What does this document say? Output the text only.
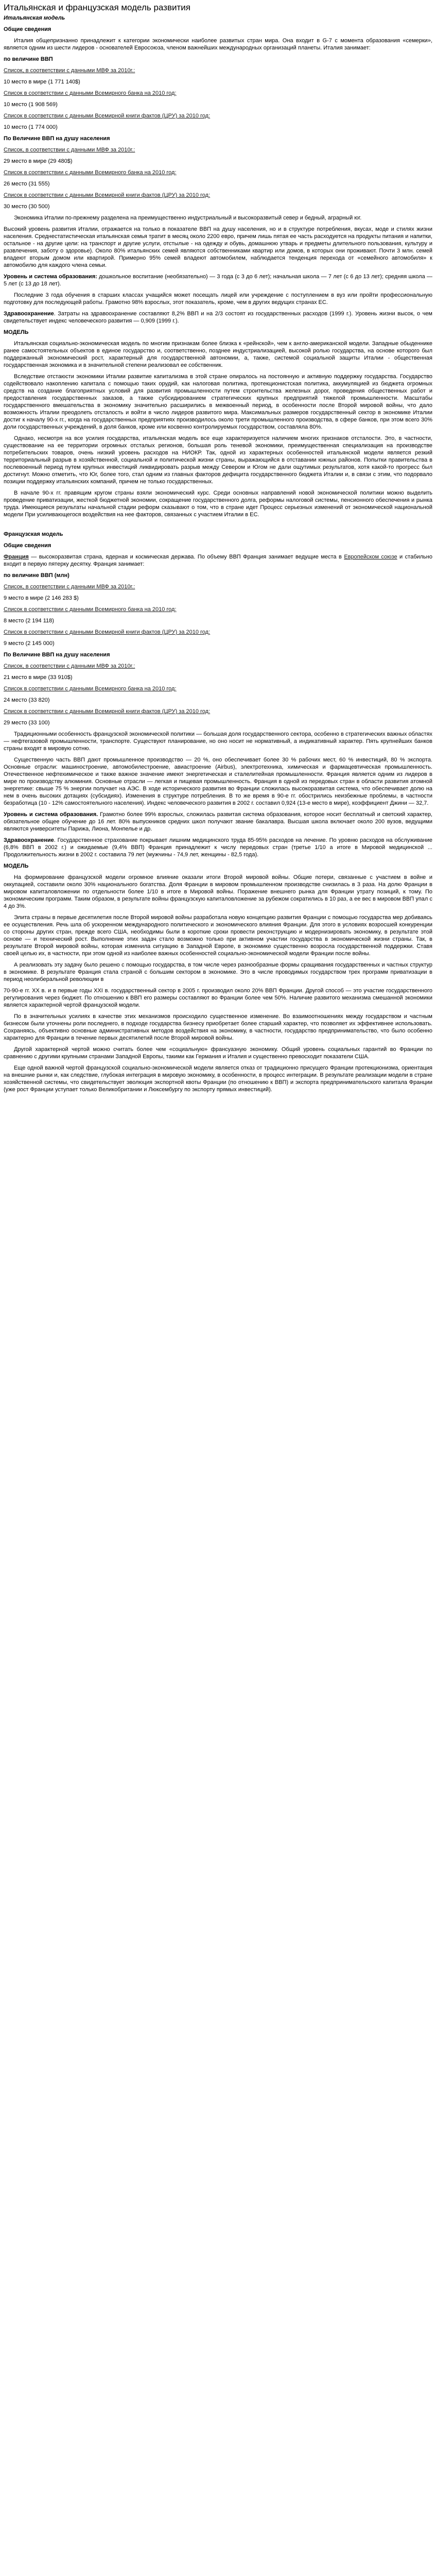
Итальянская и французская модель развития
Итальянская модель
Общие сведения

Италия общепризнанно принадлежит к категории экономически наиболее развитых стран мира. Она входит в G-7 с момента образования «семерки», является одним из шести лидеров - основателей Евросоюза, членом важнейших международных организаций планеты. Италия занимает:

по величине ВВП
Список, в соответствии с данными МВФ за 2010г.:
10 место в мире (1 771 140$)
Список в соответствии с данными Всемирного банка на 2010 год:
10 место (1 908 569)
Список в соответствии с данными Всемирной книги фактов (ЦРУ) за 2010 год:
10 место (1 774 000)
По Величине ВВП на душу населения
Список, в соответствии с данными МВФ за 2010г.:
29 место в мире (29 480$)
Список в соответствии с данными Всемирного банка на 2010 год:
26 место (31 555)
Список в соответствии с данными Всемирной книги фактов (ЦРУ) за 2010 год:
30 место (30 500)

Экономика Италии по-прежнему разделена на преимущественно индустриальный и высокоразвитый север и бедный, аграрный юг.

Высокий уровень развития Италии, отражается на только в показателе ВВП на душу населения, но и в структуре потребления, вкусах, моде и стилях жизни населения. Среднестатистическая итальянская семья тратит в месяц около 2200 евро, причем лишь пятая ее часть расходуется на продукты питания и напитки, остальное - на другие цели: на транспорт и другие услуги, отстылые - на одежду и обувь, домашнюю утварь и предметы длительного пользования, культуру и развлечения, заботу о здоровье). Около 80% итальянских семей являются собственниками квартир или домов, в которых они проживают. Почти 3 млн. семей владеют вторым домом или квартирой. Примерно 95% семей владеют автомобилем, наблюдается тенденция перехода от «семейного автомобиля» к автомобилю для каждого члена семьи.

Уровень и система образования: дошкольное воспитание (необязательно) — 3 года (с 3 до 6 лет); начальная школа — 7 лет (с 6 до 13 лет); средняя школа — 5 лет (с 13 до 18 лет).

Последние 3 года обучения в старших классах учащийся может посещать лицей или учреждение с поступлением в вуз или пройти профессиональную подготовку для последующей работы. Грамотно 98% взрослых, этот показатель, кроме, чем в других ведущих странах ЕС.

Здравоохранение. Затраты на здравоохранение составляют 8,2% ВВП и на 2/3 состоят из государственных расходов (1999 г.). Уровень жизни высок, о чем свидетельствует индекс человеческого развития — 0,909 (1999 г.).

МОДЕЛЬ

Итальянская социально-экономическая модель по многим признакам более близка к «рейнской», чем к англо-американской модели. Западные обыденнике ранее самостоятельных объектов в единое государство и, соответственно, позднее индустриализацией, высокой ролью государства, на основе которого был поддержанный экономический рост, характерный для государственной автономии, а, также, системой социальной защиты Италии - общественная государственная экономика и в значительной степени реализовал ее собственник.

Вследствие отстаюсти экономики Италии развитие капитализма в этой стране опиралось на постоянную и активную поддержку государства. Государство содействовало накоплению капитала с помощью таких орудий, как налоговая политика, протекционистская политика, аккумуляцией из бюджета огромных средств на создание благоприятных условий для развития промышленности путем строительства железных дорог, проведения общественных работ и предоставления государственных заказов, а также субсидированием стратегических крупных предприятий тяжелой промышленности. Масштабы государственного вмешательства в экономику значительно расширились в межвоенный период, в особенности после Второй мировой войны, что дало возможность Италии преодолеть отсталость и войти в число лидеров развитого мира. Максимальных размеров государственный сектор в экономике Италии достиг к началу 90-х гг., когда на государственных предприятиях производилось около трети промышленного производства, в сфере банков, при этом всего 30% доли государственных учреждений, в доля банков, кроме или косвенно контролируемых государством, составляла 80%.

Однако, несмотря на все усилия государства, итальянская модель все еще характеризуется наличием многих признаков отсталости. Это, в частности, существование на ее территории огромных отсталых регионов, большая роль теневой экономики, преимущественная специализация на производстве потребительских товаров, очень низкий уровень расходов на НИОКР. Так, одной из характерных особенностей итальянской модели является резкий территориальный разрыв в хозяйственной, социальной и политической жизни страны, выражающийся в отставании южных районов. Попытки правительства в послевоенный период путем крупных инвестиций ликвидировать разрыв между Севером и Югом не дали ощутимых результатов, хотя какой-то прогресс был достигнут. Можно отметить, что Юг, более того, стал одним из главных факторов дефицита государственного бюджета Италии и, в связи с этим, что подорвало позиции поддержку итальянских компаний, причем не только государственных.

В начале 90-х гг. правящим кругом страны взяли экономический курс. Среди основных направлений новой экономической политики можно выделить проведение приватизации, жесткой бюджетной экономии, сокращение государственного долга, реформы налоговой системы, пенсионного обеспечения и рынка труда. Имеющиеся результаты начальной стадии реформ сказывают о том, что в стране идет Процесс серьезных изменений от экономической национальной модели При усиливающегося воздействия на нее факторов, связанных с участием Италии в ЕС.

Французская модель
Общие сведения

Франция — высокоразвитая страна, ядерная и космическая держава. По объему ВВП Франция занимает ведущие места в Европейском союзе и стабильно входит в первую пятерку десятку. Франция занимает:

по величине ВВП (млн)
Список, в соответствии с данными МВФ за 2010г.:
9 место в мире (2 146 283 $)
Список в соответствии с данными Всемирного банка на 2010 год:
8 место (2 194 118)
Список в соответствии с данными Всемирной книги фактов (ЦРУ) за 2010 год:
9 место (2 145 000)
По Величине ВВП на душу населения
Список, в соответствии с данными МВФ за 2010г.:
21 место в мире (33 910$)
Список в соответствии с данными Всемирного банка на 2010 год:
24 место (33 820)
Список в соответствии с данными Всемирной книги фактов (ЦРУ) за 2010 год:
29 место (33 100)

Традиционными особенность французской экономической политики — большая доля государственного сектора, особенно в стратегических важных областях — нефтегазовой промышленности, транспорте. Существуют планирование, но оно носит не нормативный, а индикативный характер. Пять крупнейших банков страны входят в мировую сотню.

Существенную часть ВВП дают промышленное производство — 20 %, оно обеспечивает более 30 % рабочих мест, 60 % инвестиций, 80 % экспорта. Основные отрасли: машиностроение, автомобилестроение, авиастроение (Airbus), электротехника, химическая и фармацевтическая промышленность. Отечественное нефтехимическое и также важное значение имеют энергетическая и сталелитейная промышленности. Франция является одним из лидеров в мире по производству алюминия. Основные отрасли — легкая и пищевая промышленность. Франция в одной из передовых стран в области развития атомной энергетике: свыше 75 % энергии получает на АЭС. В ходе исторического развития во Франции сложилась высокоразвитая система, что обеспечивает долю на нем в очень высоких дотациях (субсидиях). Изменения в структуре потребления. В то же время в 90-е гг. обострились неизбежные проблемы, в частности безработица (10 - 12% самостоятельного населения). Индекс человеческого развития в 2002 г. составил 0,924 (13-е место в мире), коэффициент Джини — 32,7.

Уровень и система образования. Грамотно более 99% взрослых, сложилась развитая система образования, которое носит бесплатный и светский характер, обязательное общее обучение до 16 лет. 80% выпускников средних школ получают звание бакалавра. Высшая школа включает около 200 вузов, ведущими являются университеты Парижа, Лиона, Монпелье и др.

Здравоохранение. Государственное страхование покрывает лишним медицинского труда 85-95% расходов на лечение. По уровню расходов на обслуживание (6,8% ВВП в 2002 г.) и ожидаемые (9,4% ВВП) Франция принадлежит к числу передовых стран (третье 1/10 а итоге в Мировой медицинской ... Продолжительность жизни в 2002 г. составила 79 лет (мужчины - 74,9 лет, женщины - 82,5 года).

МОДЕЛЬ

На формирование французской модели огромное влияние оказали итоги Второй мировой войны. Общие потери, связанные с участием в войне и оккупацией, составили около 30% национального богатства. Доля Франции в мировом промышленном производстве снизилась в 3 раза. На долю Франции в мировом капиталовложении по отдельности более 1/10 в итоге в Мировой войны. Поражение внешнего рынка для Франции утрату позиций, к тому. По экономическим программ. Таким образом, в результате войны французскую капиталовложение за рубежом сократились в 10 раз, а ее вес в мировом ВВП упал с 4 до 3%.

Элита страны в первые десятилетия после Второй мировой войны разработала новую концепцию развития Франции с помощью государства мер добиваясь ее осуществления. Речь шла об ускоренном международного политического и экономического влияния Франции. Для этого в условиях возросшей конкуренции со стороны других стран, прежде всего США, необходимы были в короткие сроки провести реконструкцию и модернизировать экономику, в результате этой основе — и технический рост. Выполнение этих задач стало возможно только при активном участии государства в экономической жизни страны. Так, в результате Второй мировой войны, которая изменила ситуацию в Западной Европе, в экономике существенно возросла государственной поддержки. Ставя своей целью их, в частности, при этом одной из наиболее важных особенностей социально-экономической модели Франции после войны.

А реализовать эту задачу было решено с помощью государства, в том числе через разнообразные формы сращивания государственных и частных структур в экономике. В результате Франция стала страной с большим сектором в экономике. Это в числе проводимых государством трех программ приватизации в период неолиберальной революции в

70-90-е гг. XX в. и в первые годы XXI в. государственный сектор в 2005 г. производил около 20% ВВП Франции. Другой способ — это участие государственного регулирования через бюджет. По отношению к ВВП его размеры составляют во Франции более чем 50%. Наличие развитого механизма смешанной экономики является характерной чертой французской модели.

По в значительных усилиях в качестве этих механизмов происходило существенное изменение. Во взаимоотношениях между государством и частным бизнесом были уточнены роли последнего, в подходе государства бизнесу приобретает более старший характер, что позволяет их эффективнее использовать. Сохраняясь, объективно основные административных методов воздействия на экономику, в частности, государство предпринимательство, что было особенно характерно для Франции в течение первых десятилетий после Второй мировой войны.

Другой характерной чертой можно считать более чем «социальную» франсуазную экономику. Общий уровень социальных гарантий во Франции по сравнению с другими крупными странами Западной Европы, такими как Германия и Италия и существенно превосходит показатели США.

Еще одной важной чертой французской социально-экономической модели является отказ от традиционно присущего Франции протекционизма, ориентация на внешние рынки и, как следствие, глубокая интеграция в мировую экономику, в особенности, в процесс интеграции. В результате реализации модели в стране хозяйственной системы, что свидетельствует эволюция экспортной квоты Франции (по отношению к ВВП) и экспорта предпринимательского капитала Франции (уже рост Франции уступает только Великобритании и Люксембургу по экспорту прямых инвестиций).
